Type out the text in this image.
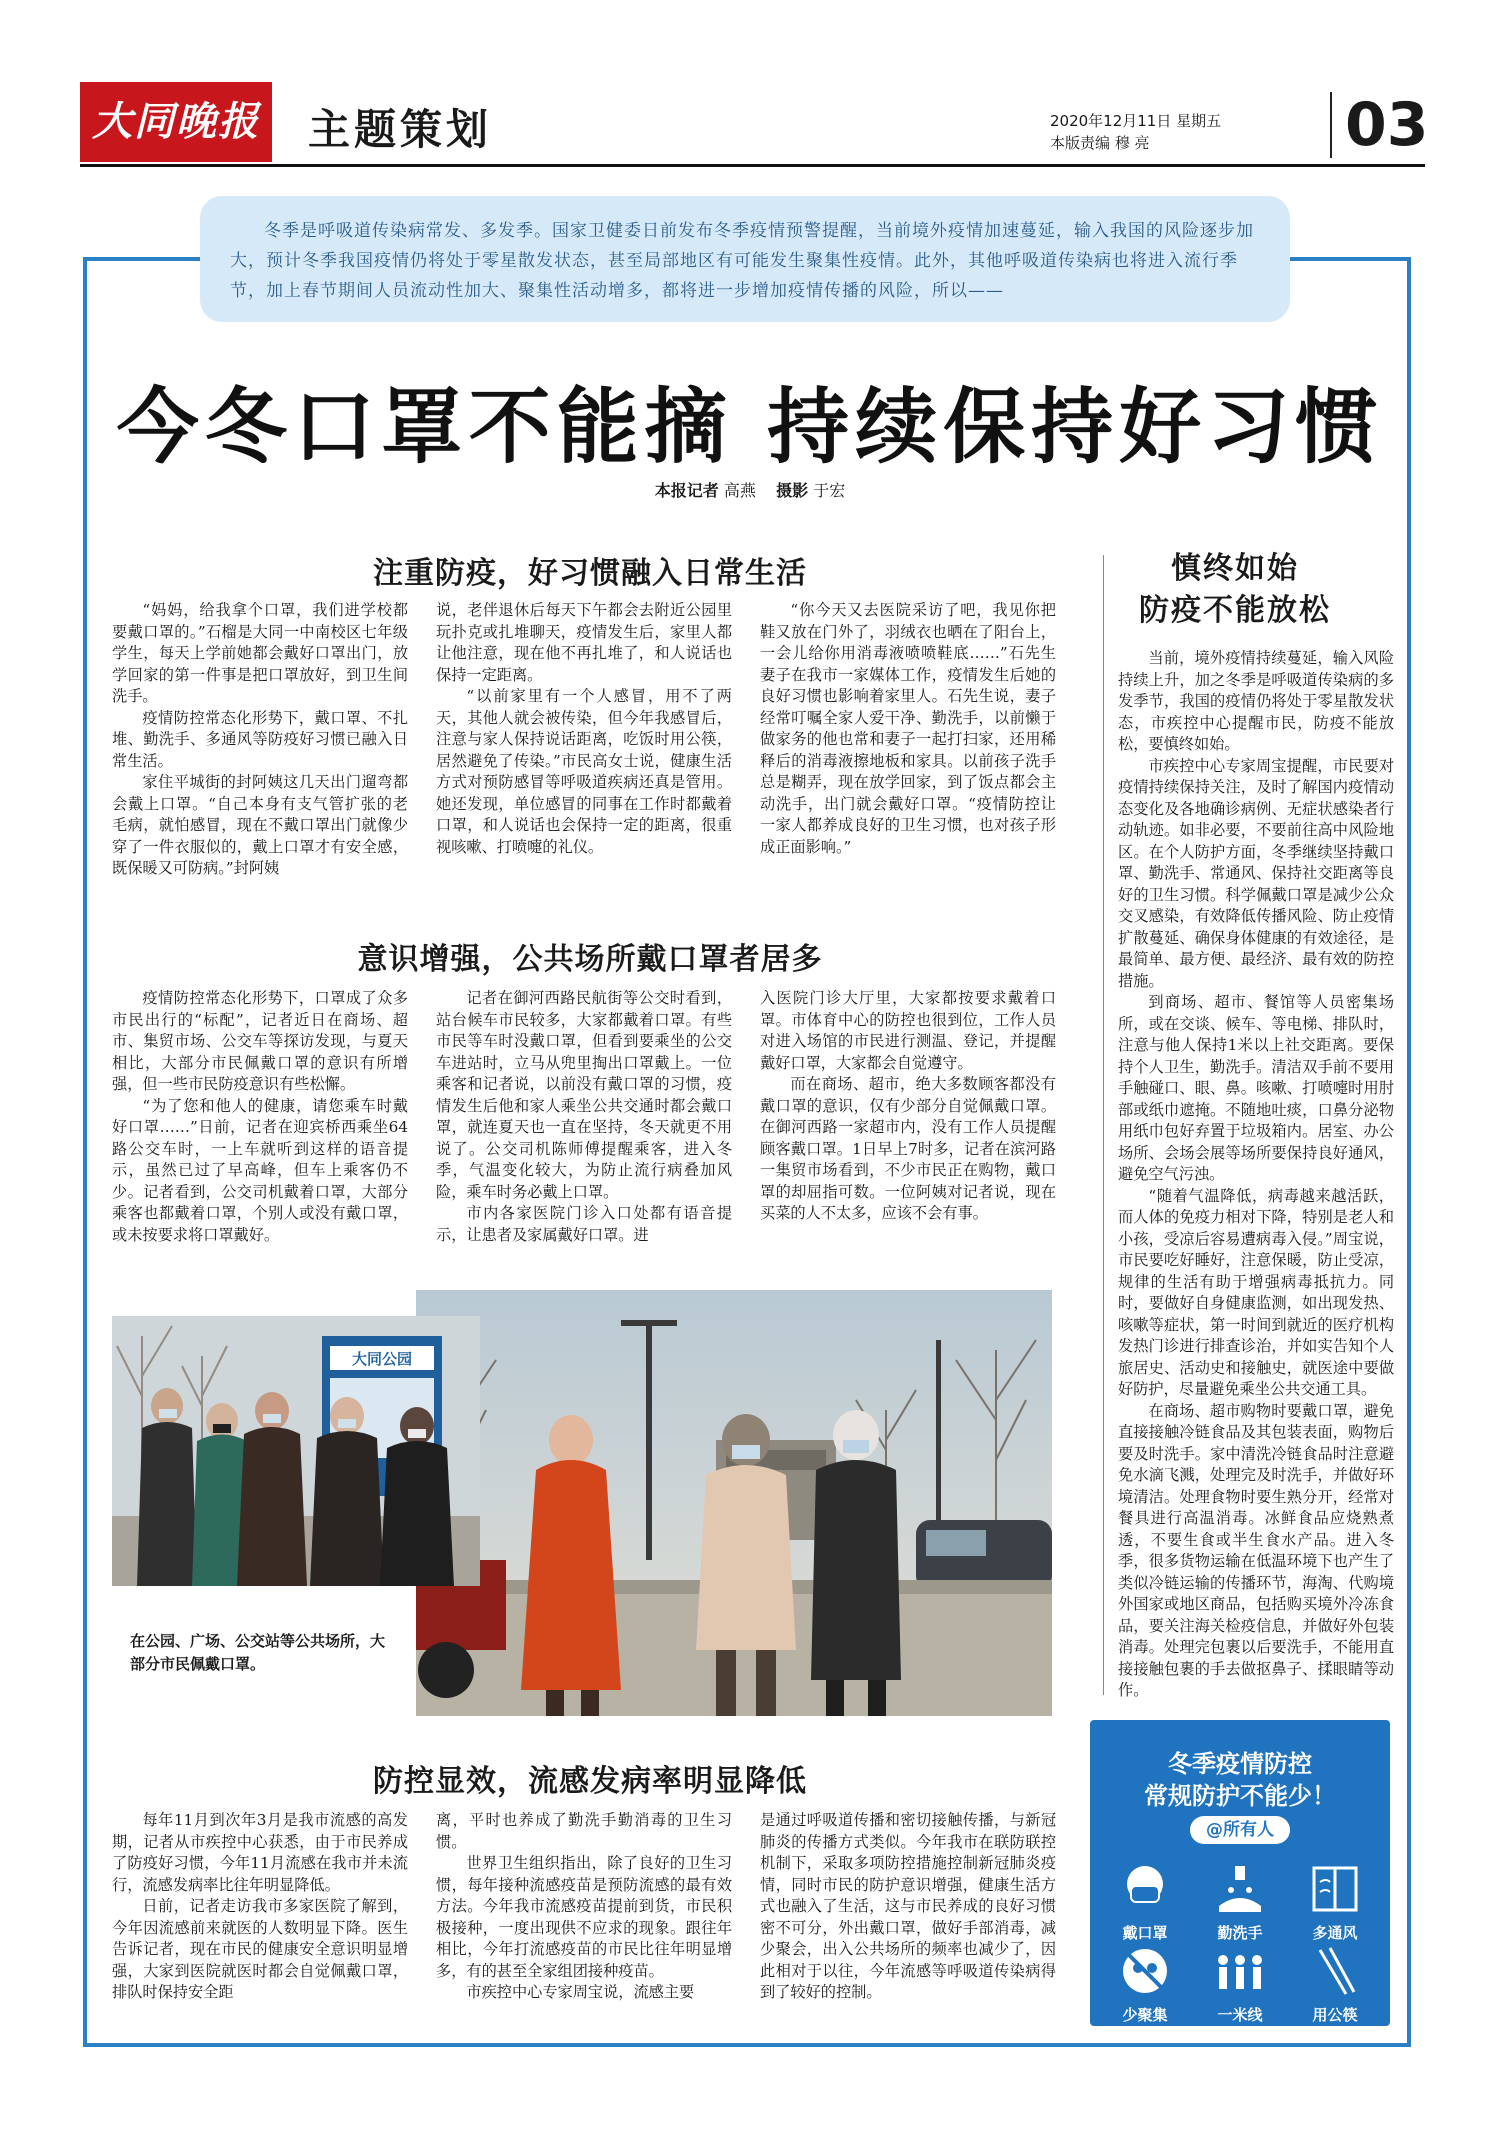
大同晚报 主题策划	2020年12月11日 星期五
本版责编 穆 亮	03
冬季是呼吸道传染病常发、多发季。国家卫健委日前发布冬季疫情预警提醒，当前境外疫情加速蔓延，输入我国的风险逐步加大，预计冬季我国疫情仍将处于零星散发状态，甚至局部地区有可能发生聚集性疫情。此外，其他呼吸道传染病也将进入流行季节，加上春节期间人员流动性加大、聚集性活动增多，都将进一步增加疫情传播的风险，所以——
今冬口罩不能摘 持续保持好习惯
本报记者 高燕 摄影 于宏
注重防疫，好习惯融入日常生活

“妈妈，给我拿个口罩，我们进学校都要戴口罩的。”石榴是大同一中南校区七年级学生，每天上学前她都会戴好口罩出门，放学回家的第一件事是把口罩放好，到卫生间洗手。

疫情防控常态化形势下，戴口罩、不扎堆、勤洗手、多通风等防疫好习惯已融入日常生活。

家住平城街的封阿姨这几天出门遛弯都会戴上口罩。“自己本身有支气管扩张的老毛病，就怕感冒，现在不戴口罩出门就像少穿了一件衣服似的，戴上口罩才有安全感，既保暖又可防病。”封阿姨

说，老伴退休后每天下午都会去附近公园里玩扑克或扎堆聊天，疫情发生后，家里人都让他注意，现在他不再扎堆了，和人说话也保持一定距离。

“以前家里有一个人感冒，用不了两天，其他人就会被传染，但今年我感冒后，注意与家人保持说话距离，吃饭时用公筷，居然避免了传染。”市民高女士说，健康生活方式对预防感冒等呼吸道疾病还真是管用。她还发现，单位感冒的同事在工作时都戴着口罩，和人说话也会保持一定的距离，很重视咳嗽、打喷嚏的礼仪。

“你今天又去医院采访了吧，我见你把鞋又放在门外了，羽绒衣也晒在了阳台上，一会儿给你用消毒液喷喷鞋底……”石先生妻子在我市一家媒体工作，疫情发生后她的良好习惯也影响着家里人。石先生说，妻子经常叮嘱全家人爱干净、勤洗手，以前懒于做家务的他也常和妻子一起打扫家，还用稀释后的消毒液擦地板和家具。以前孩子洗手总是糊弄，现在放学回家，到了饭点都会主动洗手，出门就会戴好口罩。“疫情防控让一家人都养成良好的卫生习惯，也对孩子形成正面影响。”

慎终如始
防疫不能放松

当前，境外疫情持续蔓延，输入风险持续上升，加之冬季是呼吸道传染病的多发季节，我国的疫情仍将处于零星散发状态，市疾控中心提醒市民，防疫不能放松，要慎终如始。

市疾控中心专家周宝提醒，市民要对疫情持续保持关注，及时了解国内疫情动态变化及各地确诊病例、无症状感染者行动轨迹。如非必要，不要前往高中风险地区。在个人防护方面，冬季继续坚持戴口罩、勤洗手、常通风、保持社交距离等良好的卫生习惯。科学佩戴口罩是减少公众交叉感染，有效降低传播风险、防止疫情扩散蔓延、确保身体健康的有效途径，是最简单、最方便、最经济、最有效的防控措施。

到商场、超市、餐馆等人员密集场所，或在交谈、候车、等电梯、排队时，注意与他人保持1米以上社交距离。要保持个人卫生，勤洗手。清洁双手前不要用手触碰口、眼、鼻。咳嗽、打喷嚏时用肘部或纸巾遮掩。不随地吐痰，口鼻分泌物用纸巾包好弃置于垃圾箱内。居室、办公场所、会场会展等场所要保持良好通风，避免空气污浊。

“随着气温降低，病毒越来越活跃，而人体的免疫力相对下降，特别是老人和小孩，受凉后容易遭病毒入侵。”周宝说，市民要吃好睡好，注意保暖，防止受凉，规律的生活有助于增强病毒抵抗力。同时，要做好自身健康监测，如出现发热、咳嗽等症状，第一时间到就近的医疗机构发热门诊进行排查诊治，并如实告知个人旅居史、活动史和接触史，就医途中要做好防护，尽量避免乘坐公共交通工具。

在商场、超市购物时要戴口罩，避免直接接触冷链食品及其包装表面，购物后要及时洗手。家中清洗冷链食品时注意避免水滴飞溅，处理完及时洗手，并做好环境清洁。处理食物时要生熟分开，经常对餐具进行高温消毒。冰鲜食品应烧熟煮透，不要生食或半生食水产品。进入冬季，很多货物运输在低温环境下也产生了类似冷链运输的传播环节，海淘、代购境外国家或地区商品，包括购买境外冷冻食品，要关注海关检疫信息，并做好外包装消毒。处理完包裹以后要洗手，不能用直接接触包裹的手去做抠鼻子、揉眼睛等动作。

意识增强，公共场所戴口罩者居多

疫情防控常态化形势下，口罩成了众多市民出行的“标配”，记者近日在商场、超市、集贸市场、公交车等探访发现，与夏天相比，大部分市民佩戴口罩的意识有所增强，但一些市民防疫意识有些松懈。

“为了您和他人的健康，请您乘车时戴好口罩……”日前，记者在迎宾桥西乘坐64路公交车时，一上车就听到这样的语音提示，虽然已过了早高峰，但车上乘客仍不少。记者看到，公交司机戴着口罩，大部分乘客也都戴着口罩，个别人或没有戴口罩，或未按要求将口罩戴好。

记者在御河西路民航街等公交时看到，站台候车市民较多，大家都戴着口罩。有些市民等车时没戴口罩，但看到要乘坐的公交车进站时，立马从兜里掏出口罩戴上。一位乘客和记者说，以前没有戴口罩的习惯，疫情发生后他和家人乘坐公共交通时都会戴口罩，就连夏天也一直在坚持，冬天就更不用说了。公交司机陈师傅提醒乘客，进入冬季，气温变化较大，为防止流行病叠加风险，乘车时务必戴上口罩。

市内各家医院门诊入口处都有语音提示，让患者及家属戴好口罩。进

入医院门诊大厅里，大家都按要求戴着口罩。市体育中心的防控也很到位，工作人员对进入场馆的市民进行测温、登记，并提醒戴好口罩，大家都会自觉遵守。

而在商场、超市，绝大多数顾客都没有戴口罩的意识，仅有少部分自觉佩戴口罩。在御河西路一家超市内，没有工作人员提醒顾客戴口罩。1日早上7时多，记者在滨河路一集贸市场看到，不少市民正在购物，戴口罩的却屈指可数。一位阿姨对记者说，现在买菜的人不太多，应该不会有事。

大同公园
在公园、广场、公交站等公共场所，大部分市民佩戴口罩。
防控显效，流感发病率明显降低

每年11月到次年3月是我市流感的高发期，记者从市疾控中心获悉，由于市民养成了防疫好习惯，今年11月流感在我市并未流行，流感发病率比往年明显降低。

日前，记者走访我市多家医院了解到，今年因流感前来就医的人数明显下降。医生告诉记者，现在市民的健康安全意识明显增强，大家到医院就医时都会自觉佩戴口罩，排队时保持安全距

离，平时也养成了勤洗手勤消毒的卫生习惯。

世界卫生组织指出，除了良好的卫生习惯，每年接种流感疫苗是预防流感的最有效方法。今年我市流感疫苗提前到货，市民积极接种，一度出现供不应求的现象。跟往年相比，今年打流感疫苗的市民比往年明显增多，有的甚至全家组团接种疫苗。

市疾控中心专家周宝说，流感主要

是通过呼吸道传播和密切接触传播，与新冠肺炎的传播方式类似。今年我市在联防联控机制下，采取多项防控措施控制新冠肺炎疫情，同时市民的防护意识增强，健康生活方式也融入了生活，这与市民养成的良好习惯密不可分，外出戴口罩，做好手部消毒，减少聚会，出入公共场所的频率也减少了，因此相对于以往，今年流感等呼吸道传染病得到了较好的控制。

冬季疫情防控
常规防护不能少！
@所有人
戴口罩	勤洗手	多通风
少聚集	一米线	用公筷
